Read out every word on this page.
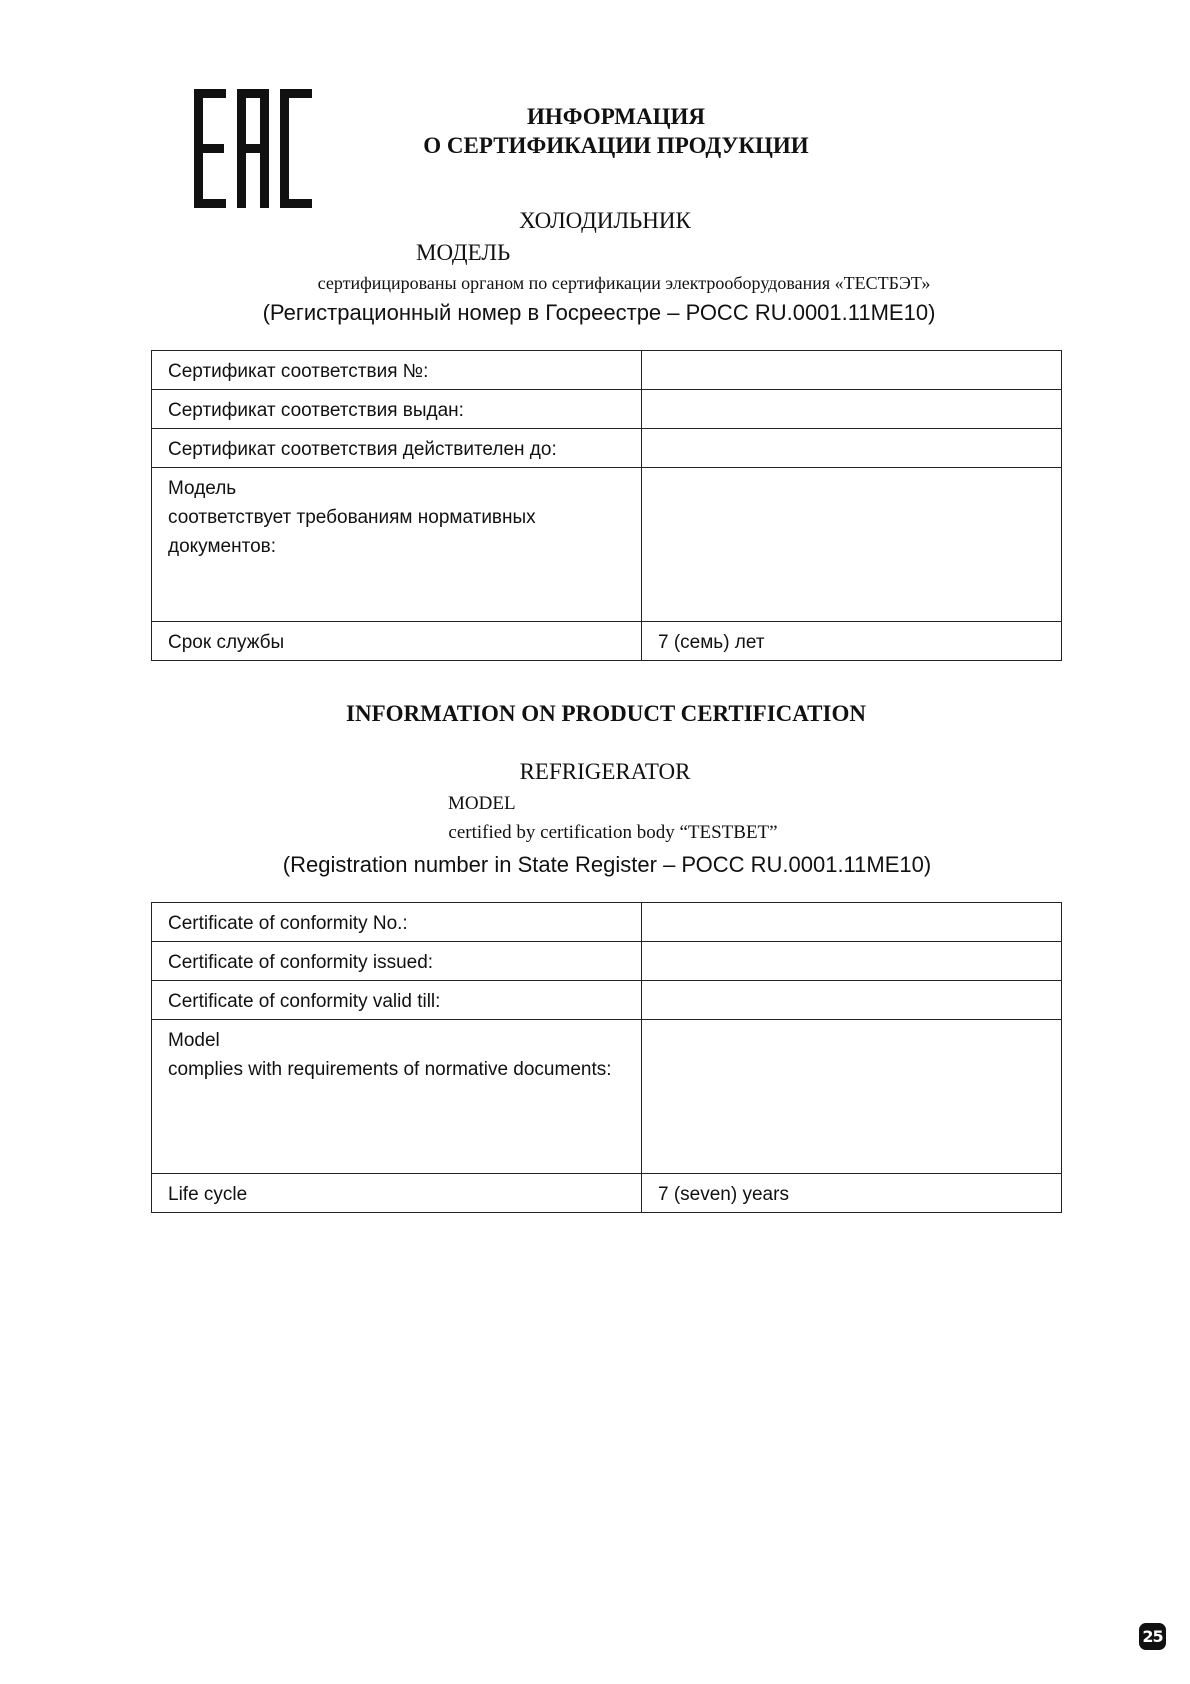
ИНФОРМАЦИЯ
О СЕРТИФИКАЦИИ ПРОДУКЦИИ
ХОЛОДИЛЬНИК
МОДЕЛЬ
сертифицированы органом по сертификации электрооборудования «ТЕСТБЭТ»
(Регистрационный номер в Госреестре – РОСС RU.0001.11МЕ10)
Сертификат соответствия №:	
Сертификат соответствия выдан:	
Сертификат соответствия действителен до:	

Модель
соответствует требованиям нормативных
документов:	

Срок службы	7 (семь) лет
INFORMATION ON PRODUCT CERTIFICATION
REFRIGERATOR
MODEL
certified by certification body “TESTBET”
(Registration number in State Register – РОСС RU.0001.11МЕ10)
Certificate of conformity No.:	
Certificate of conformity issued:	
Certificate of conformity valid till:	

Model
complies with requirements of normative documents:	

Life cycle	7 (seven) years
25
